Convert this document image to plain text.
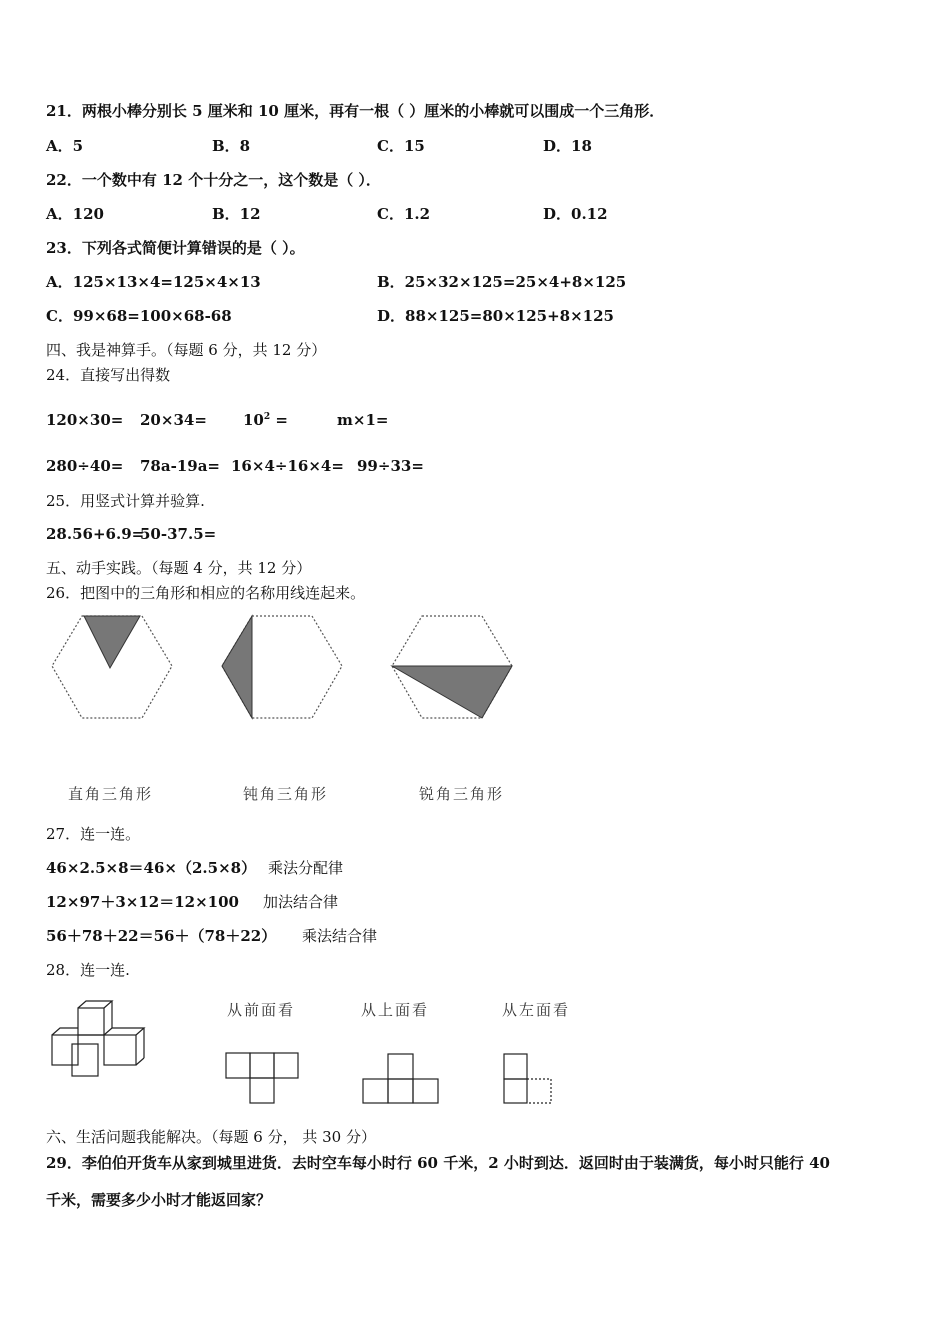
21．两根小棒分别长 5 厘米和 10 厘米，再有一根（ ）厘米的小棒就可以围成一个三角形．
A．5	B．8	C．15	D．18
22．一个数中有 12 个十分之一，这个数是（ ）．
A．120	B．12	C．1.2	D．0.12
23．下列各式简便计算错误的是（ ）。
A．125×13×4=125×4×13	B．25×32×125=25×4+8×125
C．99×68=100×68-68	D．88×125=80×125+8×125
四、我是神算手。（每题 6 分，共 12 分）
24．直接写出得数
$120\times 30= 20\times 34= 10^2$ =	m×1=
280÷40= 78a-19a= 16×4÷16×4= 99÷33=
25．用竖式计算并验算.
28.56+6.9=
50-37.5=
五、动手实践。（每题 4 分，共 12 分）
26．把图中的三角形和相应的名称用线连起来。
直角三角形	钝角三角形	锐角三角形
27．连一连。
46×2.5×8＝46×（2.5×8） 乘法分配律
12×97＋3×12＝12×100 加法结合律
56＋78＋22＝56＋（78＋22） 乘法结合律
28．连一连.
从前面看	从上面看	从左面看
六、生活问题我能解决。（每题 6 分， 共 30 分）
29．李伯伯开货车从家到城里进货．去时空车每小时行 60 千米，2 小时到达．返回时由于装满货，每小时只能行 40
千米，需要多少小时才能返回家？
